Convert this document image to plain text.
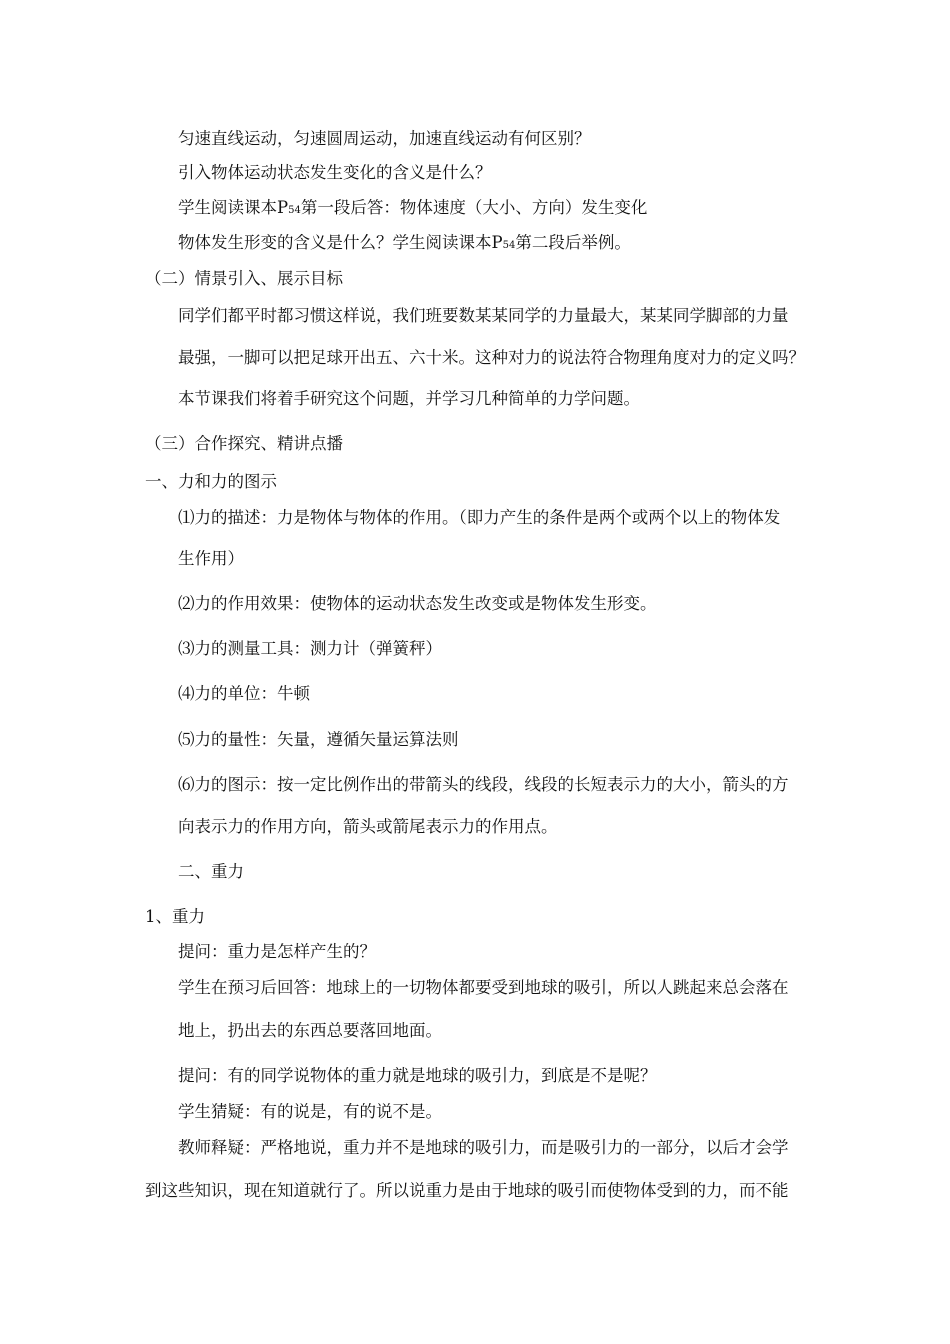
匀速直线运动，匀速圆周运动，加速直线运动有何区别？
引入物体运动状态发生变化的含义是什么？
学生阅读课本P54第一段后答：物体速度（大小、方向）发生变化
物体发生形变的含义是什么？学生阅读课本P54第二段后举例。
（二）情景引入、展示目标
同学们都平时都习惯这样说，我们班要数某某同学的力量最大，某某同学脚部的力量
最强，一脚可以把足球开出五、六十米。这种对力的说法符合物理角度对力的定义吗？
本节课我们将着手研究这个问题，并学习几种简单的力学问题。
（三）合作探究、精讲点播
一、力和力的图示
⑴力的描述：力是物体与物体的作用。（即力产生的条件是两个或两个以上的物体发
生作用）
⑵力的作用效果：使物体的运动状态发生改变或是物体发生形变。
⑶力的测量工具：测力计（弹簧秤）
⑷力的单位：牛顿
⑸力的量性：矢量，遵循矢量运算法则
⑹力的图示：按一定比例作出的带箭头的线段，线段的长短表示力的大小，箭头的方
向表示力的作用方向，箭头或箭尾表示力的作用点。
二、重力
1、重力
提问：重力是怎样产生的？
学生在预习后回答：地球上的一切物体都要受到地球的吸引，所以人跳起来总会落在
地上，扔出去的东西总要落回地面。
提问：有的同学说物体的重力就是地球的吸引力，到底是不是呢？
学生猜疑：有的说是，有的说不是。
教师释疑：严格地说，重力并不是地球的吸引力，而是吸引力的一部分，以后才会学
到这些知识，现在知道就行了。所以说重力是由于地球的吸引而使物体受到的力，而不能
